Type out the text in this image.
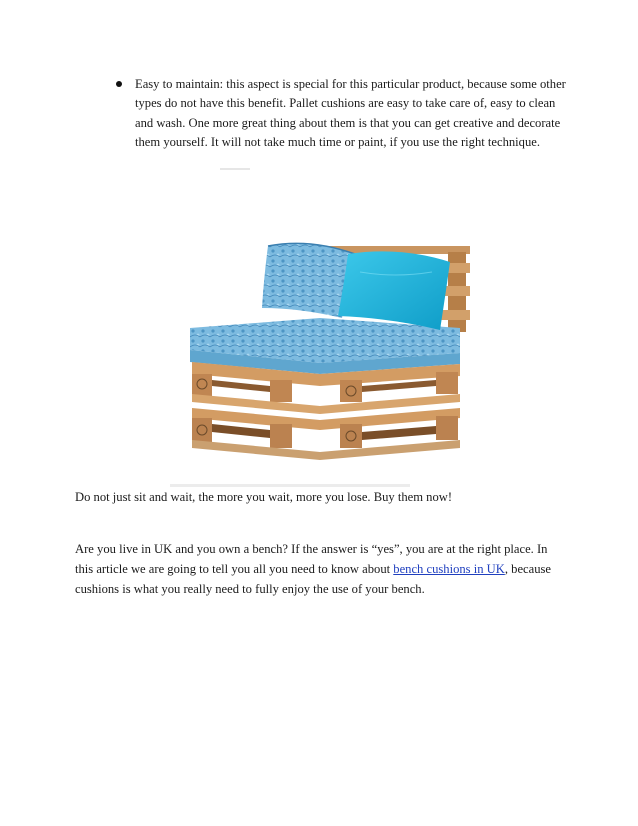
Easy to maintain: this aspect is special for this particular product, because some other types do not have this benefit. Pallet cushions are easy to take care of, easy to clean and wash. One more great thing about them is that you can get creative and decorate them yourself. It will not take much time or paint, if you use the right technique.

Do not just sit and wait, the more you wait, more you lose. Buy them now!

Are you live in UK and you own a bench? If the answer is “yes”, you are at the right place. In this article we are going to tell you all you need to know about bench cushions in UK, because cushions is what you really need to fully enjoy the use of your bench.
